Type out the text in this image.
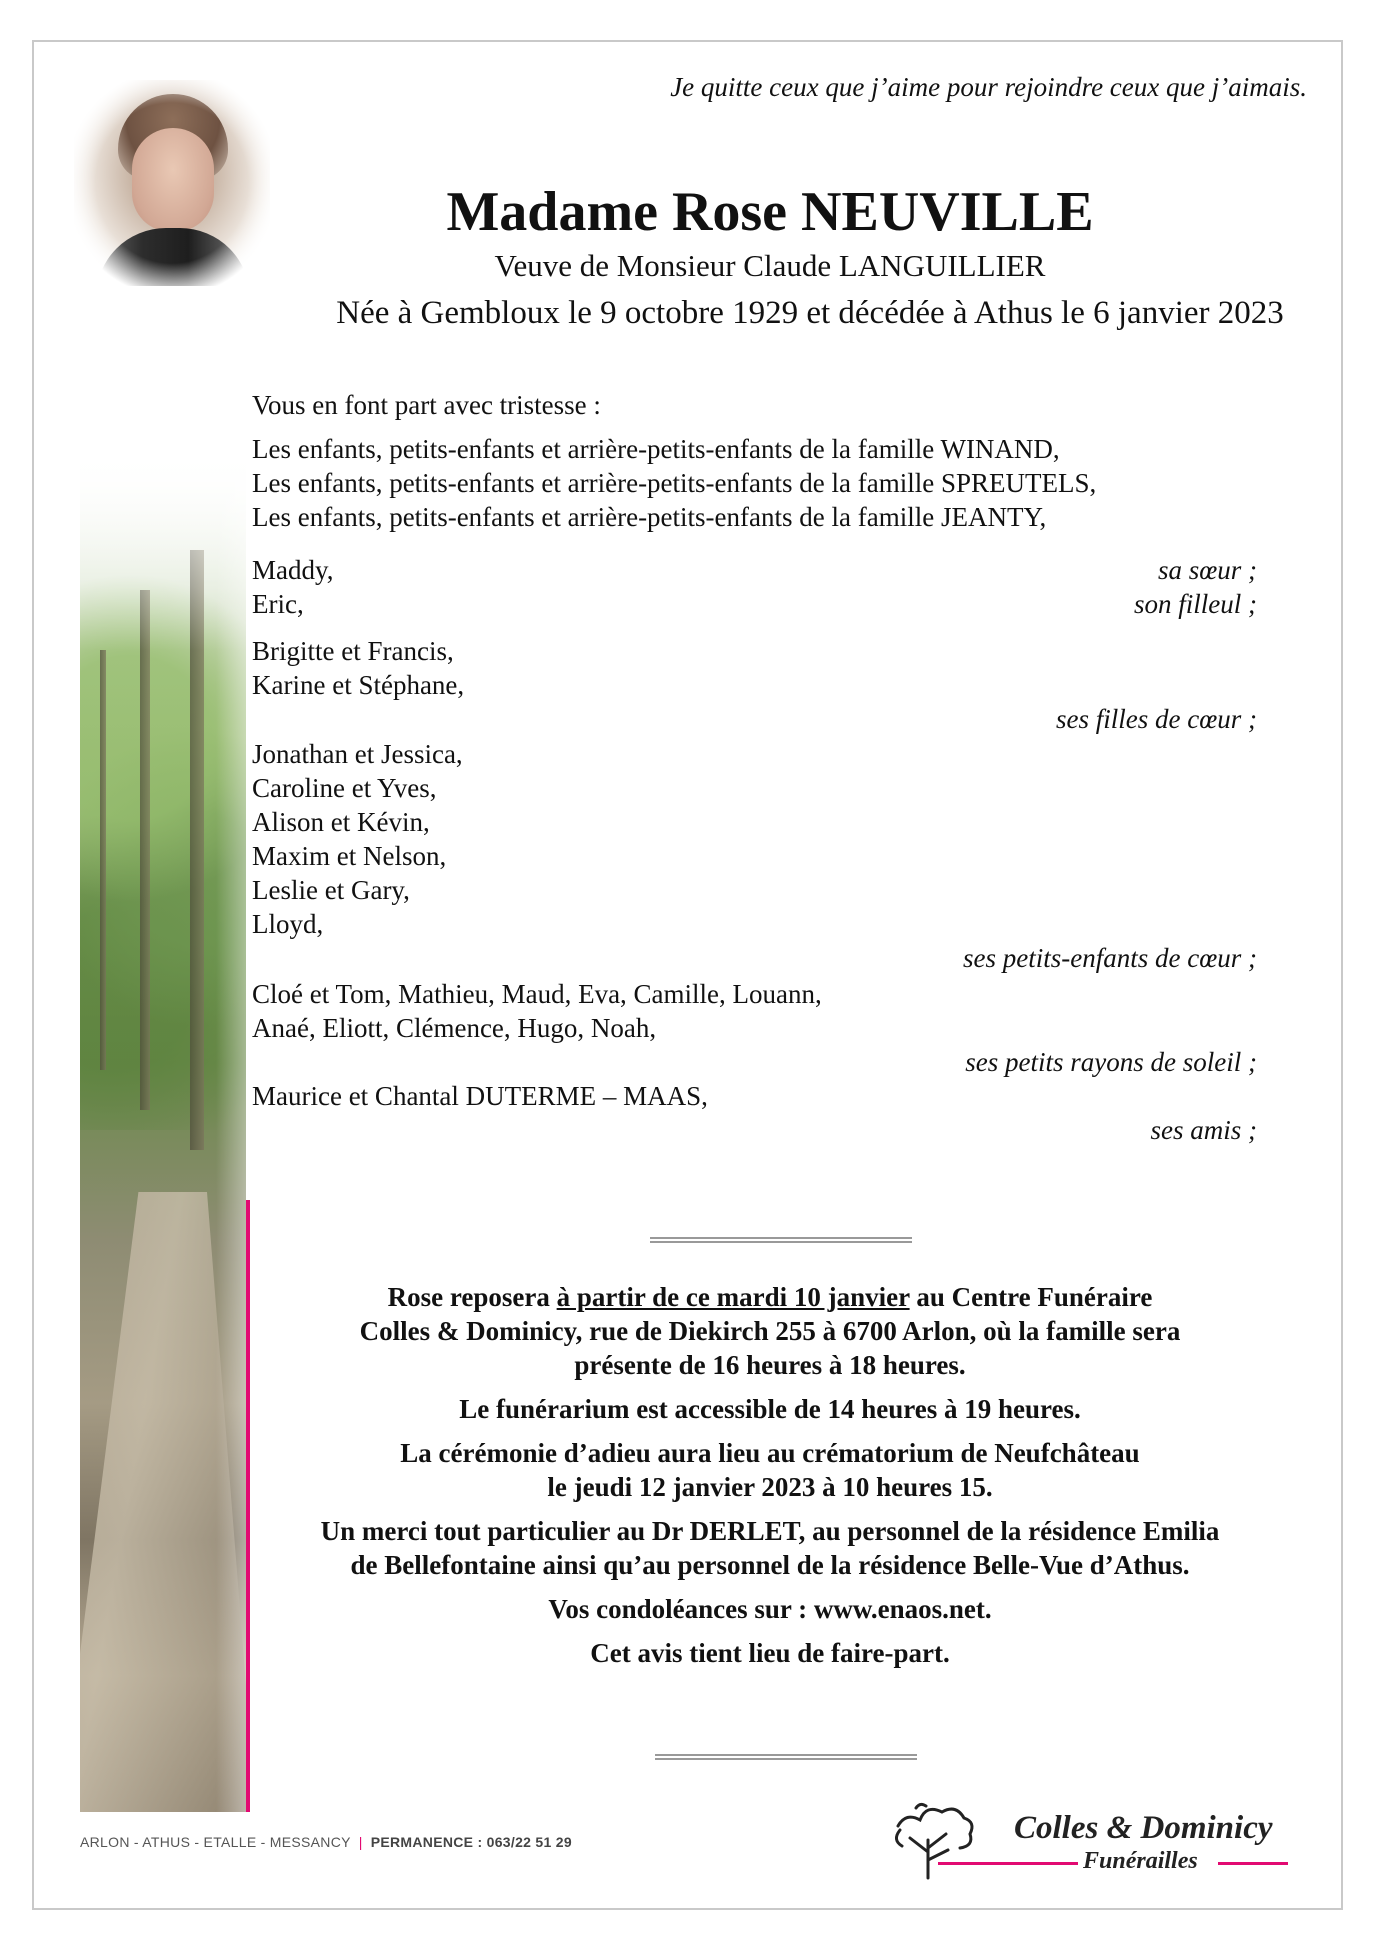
Je quitte ceux que j’aime pour rejoindre ceux que j’aimais.
Madame Rose NEUVILLE
Veuve de Monsieur Claude LANGUILLIER
Née à Gembloux le 9 octobre 1929 et décédée à Athus le 6 janvier 2023
Vous en font part avec tristesse :
Les enfants, petits-enfants et arrière-petits-enfants de la famille WINAND,
Les enfants, petits-enfants et arrière-petits-enfants de la famille SPREUTELS,
Les enfants, petits-enfants et arrière-petits-enfants de la famille JEANTY,
Maddy,	sa sœur ;
Eric,	son filleul ;
Brigitte et Francis,
Karine et Stéphane,
ses filles de cœur ;
Jonathan et Jessica,
Caroline et Yves,
Alison et Kévin,
Maxim et Nelson,
Leslie et Gary,
Lloyd,
ses petits-enfants de cœur ;
Cloé et Tom, Mathieu, Maud, Eva, Camille, Louann,
Anaé, Eliott, Clémence, Hugo, Noah,
ses petits rayons de soleil ;
Maurice et Chantal DUTERME – MAAS,
ses amis ;

Rose reposera à partir de ce mardi 10 janvier au Centre Funéraire
Colles & Dominicy, rue de Diekirch 255 à 6700 Arlon, où la famille sera
présente de 16 heures à 18 heures.

Le funérarium est accessible de 14 heures à 19 heures.

La cérémonie d’adieu aura lieu au crématorium de Neufchâteau
le jeudi 12 janvier 2023 à 10 heures 15.

Un merci tout particulier au Dr DERLET, au personnel de la résidence Emilia
de Bellefontaine ainsi qu’au personnel de la résidence Belle-Vue d’Athus.

Vos condoléances sur : www.enaos.net.

Cet avis tient lieu de faire-part.

ARLON - ATHUS - ETALLE - MESSANCY | PERMANENCE : 063/22 51 29	Colles & Dominicy
Funérailles
